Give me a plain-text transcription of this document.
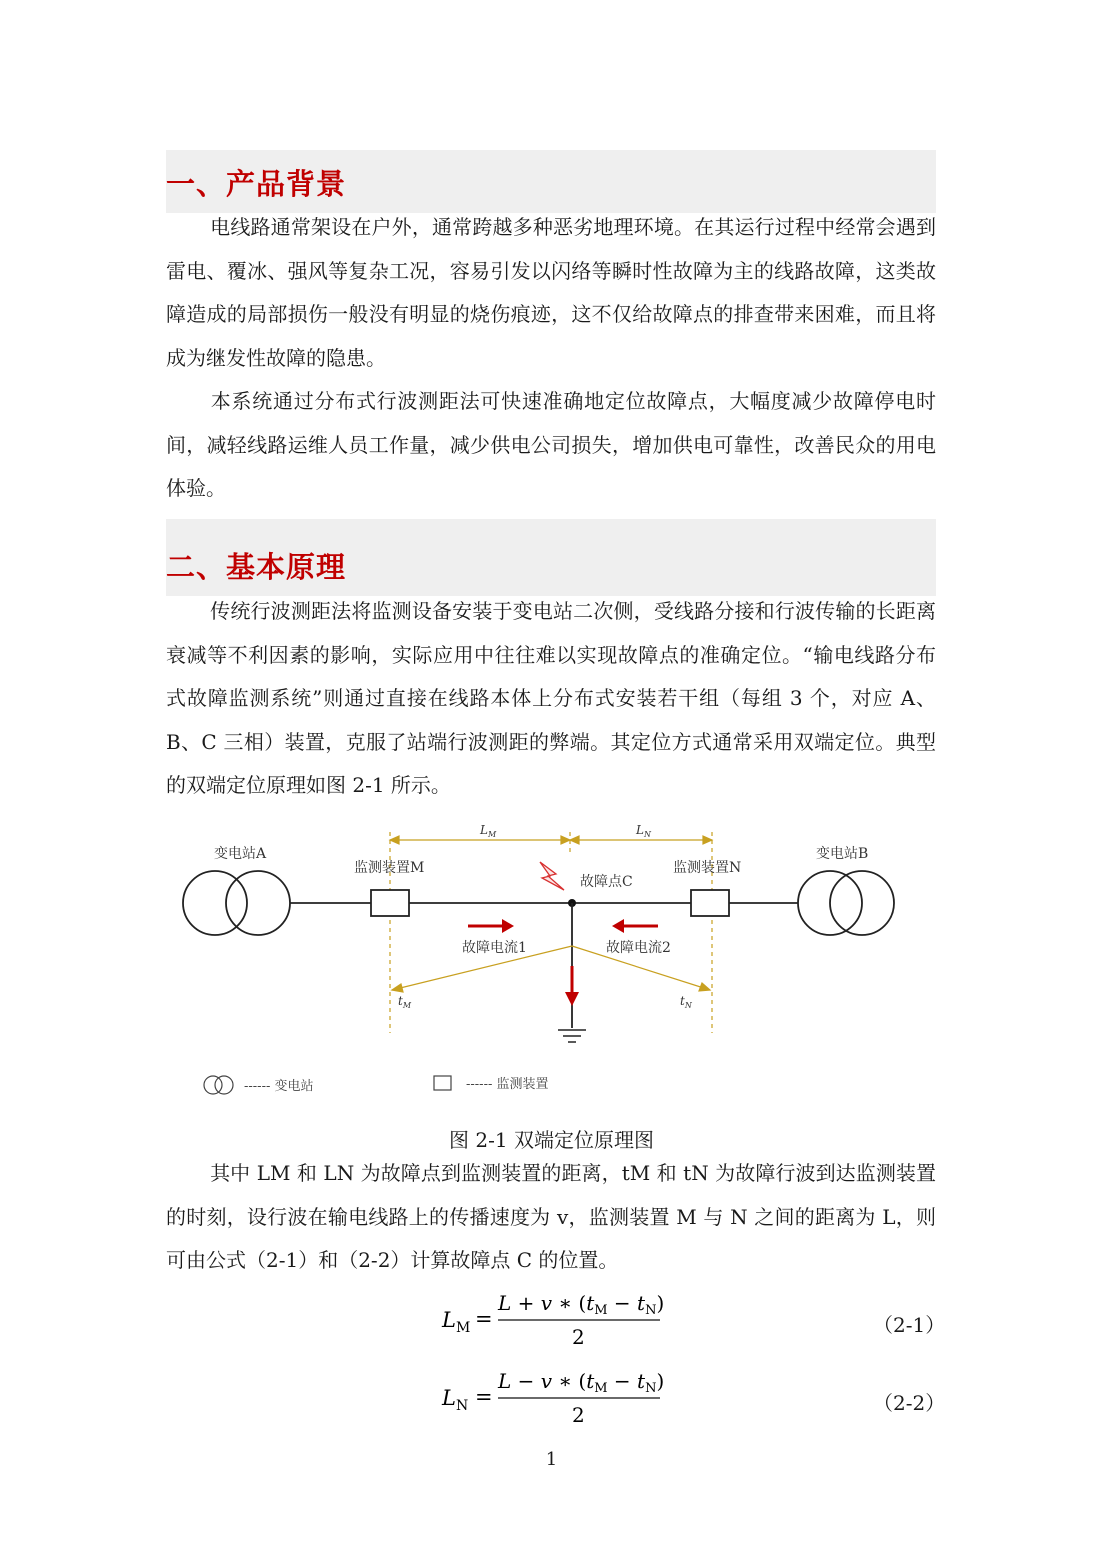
一、产品背景

电线路通常架设在户外，通常跨越多种恶劣地理环境。在其运行过程中经常会遇到雷电、覆冰、强风等复杂工况，容易引发以闪络等瞬时性故障为主的线路故障，这类故障造成的局部损伤一般没有明显的烧伤痕迹，这不仅给故障点的排查带来困难，而且将成为继发性故障的隐患。

本系统通过分布式行波测距法可快速准确地定位故障点，大幅度减少故障停电时间，减轻线路运维人员工作量，减少供电公司损失，增加供电可靠性，改善民众的用电体验。

二、基本原理

传统行波测距法将监测设备安装于变电站二次侧，受线路分接和行波传输的长距离衰减等不利因素的影响，实际应用中往往难以实现故障点的准确定位。“输电线路分布式故障监测系统”则通过直接在线路本体上分布式安装若干组（每组 3 个，对应 A、B、C 三相）装置，克服了站端行波测距的弊端。其定位方式通常采用双端定位。典型的双端定位原理如图 2-1 所示。

$L_M$	$L_N$
变电站A	变电站B
监测装置M	监测装置N
故障点C
故障电流1	故障电流2
$t_M$	$t_N$
------ 变电站	------ 监测装置
图 2-1 双端定位原理图

其中 LM 和 LN 为故障点到监测装置的距离，tM 和 tN 为故障行波到达监测装置的时刻，设行波在输电线路上的传播速度为 v，监测装置 M 与 N 之间的距离为 L，则可由公式（2-1）和（2-2）计算故障点 C 的位置。

$L_M$ =
L + v ∗ $(t_M - t_N)$
2	（2-1）
$L_N$ =
L − v ∗ $(t_M - t_N)$
2	（2-2）
1
